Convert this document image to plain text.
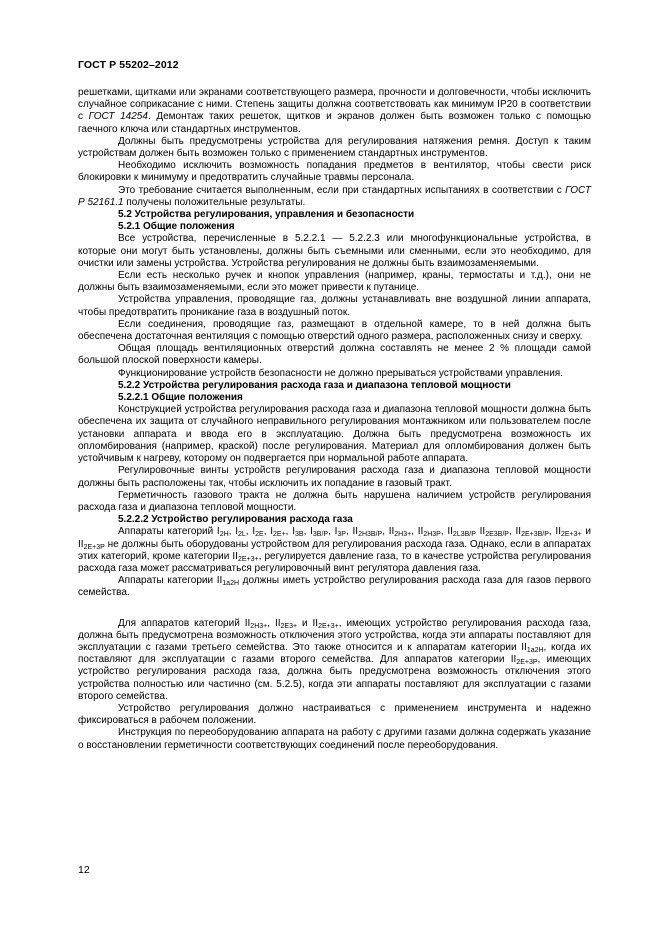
ГОСТ Р 55202–2012

решетками, щитками или экранами соответствующего размера, прочности и долговечности, чтобы исключить случайное соприкасание с ними. Степень защиты должна соответствовать как минимум IP20 в соответствии с ГОСТ 14254. Демонтаж таких решеток, щитков и экранов должен быть возможен только с помощью гаечного ключа или стандартных инструментов.

Должны быть предусмотрены устройства для регулирования натяжения ремня. Доступ к таким устройствам должен быть возможен только с применением стандартных инструментов.

Необходимо исключить возможность попадания предметов в вентилятор, чтобы свести риск блокировки к минимуму и предотвратить случайные травмы персонала.

Это требование считается выполненным, если при стандартных испытаниях в соответствии с ГОСТ Р 52161.1 получены положительные результаты.

5.2 Устройства регулирования, управления и безопасности

5.2.1 Общие положения

Все устройства, перечисленные в 5.2.2.1 — 5.2.2.3 или многофункциональные устройства, в которые они могут быть установлены, должны быть съемными или сменными, если это необходимо, для очистки или замены устройства. Устройства регулирования не должны быть взаимозаменяемыми.

Если есть несколько ручек и кнопок управления (например, краны, термостаты и т.д.), они не должны быть взаимозаменяемыми, если это может привести к путанице.

Устройства управления, проводящие газ, должны устанавливать вне воздушной линии аппарата, чтобы предотвратить проникание газа в воздушный поток.

Если соединения, проводящие газ, размещают в отдельной камере, то в ней должна быть обеспечена достаточная вентиляция с помощью отверстий одного размера, расположенных снизу и сверху.

Общая площадь вентиляционных отверстий должна составлять не менее 2 % площади самой большой плоской поверхности камеры.

Функционирование устройств безопасности не должно прерываться устройствами управления.

5.2.2 Устройства регулирования расхода газа и диапазона тепловой мощности

5.2.2.1 Общие положения

Конструкцией устройства регулирования расхода газа и диапазона тепловой мощности должна быть обеспечена их защита от случайного неправильного регулирования монтажником или пользователем после установки аппарата и ввода его в эксплуатацию. Должна быть предусмотрена возможность их опломбирования (например, краской) после регулирования. Материал для опломбирования должен быть устойчивым к нагреву, которому он подвергается при нормальной работе аппарата.

Регулировочные винты устройств регулирования расхода газа и диапазона тепловой мощности должны быть расположены так, чтобы исключить их попадание в газовый тракт.

Герметичность газового тракта не должна быть нарушена наличием устройств регулирования расхода газа и диапазона тепловой мощности.

5.2.2.2 Устройство регулирования расхода газа

Аппараты категорий $I_{2H}$, $I_{2L}$, $I_{2E}$, $I_{2E+}$, $I_{3B}$, $I_{3B/P}$, $I_{3P}$, $II_{2H3B/P}$, $II_{2H3+}$, $II_{2H3P}$, $II_{2L3B/P}$ $II_{2E3B/P}$, $II_{2E+3B/P}$, $II_{2E+3+}$ и $II_{2E+3P}$ не должны быть оборудованы устройством для регулирования расхода газа. Однако, если в аппаратах этих категорий, кроме категории $II_{2E+3+}$, регулируется давление газа, то в качестве устройства регулирования расхода газа может рассматриваться регулировочный винт регулятора давления газа.

Аппараты категории $II_{1a2H}$ должны иметь устройство регулирования расхода газа для газов первого семейства.

Для аппаратов категорий $II_{2H3+}$, $II_{2E3+}$ и $II_{2E+3+}$, имеющих устройство регулирования расхода газа, должна быть предусмотрена возможность отключения этого устройства, когда эти аппараты поставляют для эксплуатации с газами третьего семейства. Это также относится и к аппаратам категории $II_{1a2H}$, когда их поставляют для эксплуатации с газами второго семейства. Для аппаратов категории $II_{2E+3P}$, имеющих устройство регулирования расхода газа, должна быть предусмотрена возможность отключения этого устройства полностью или частично (см. 5.2.5), когда эти аппараты поставляют для эксплуатации с газами второго семейства.

Устройство регулирования должно настраиваться с применением инструмента и надежно фиксироваться в рабочем положении.

Инструкция по переоборудованию аппарата на работу с другими газами должна содержать указание о восстановлении герметичности соответствующих соединений после переоборудования.

12
